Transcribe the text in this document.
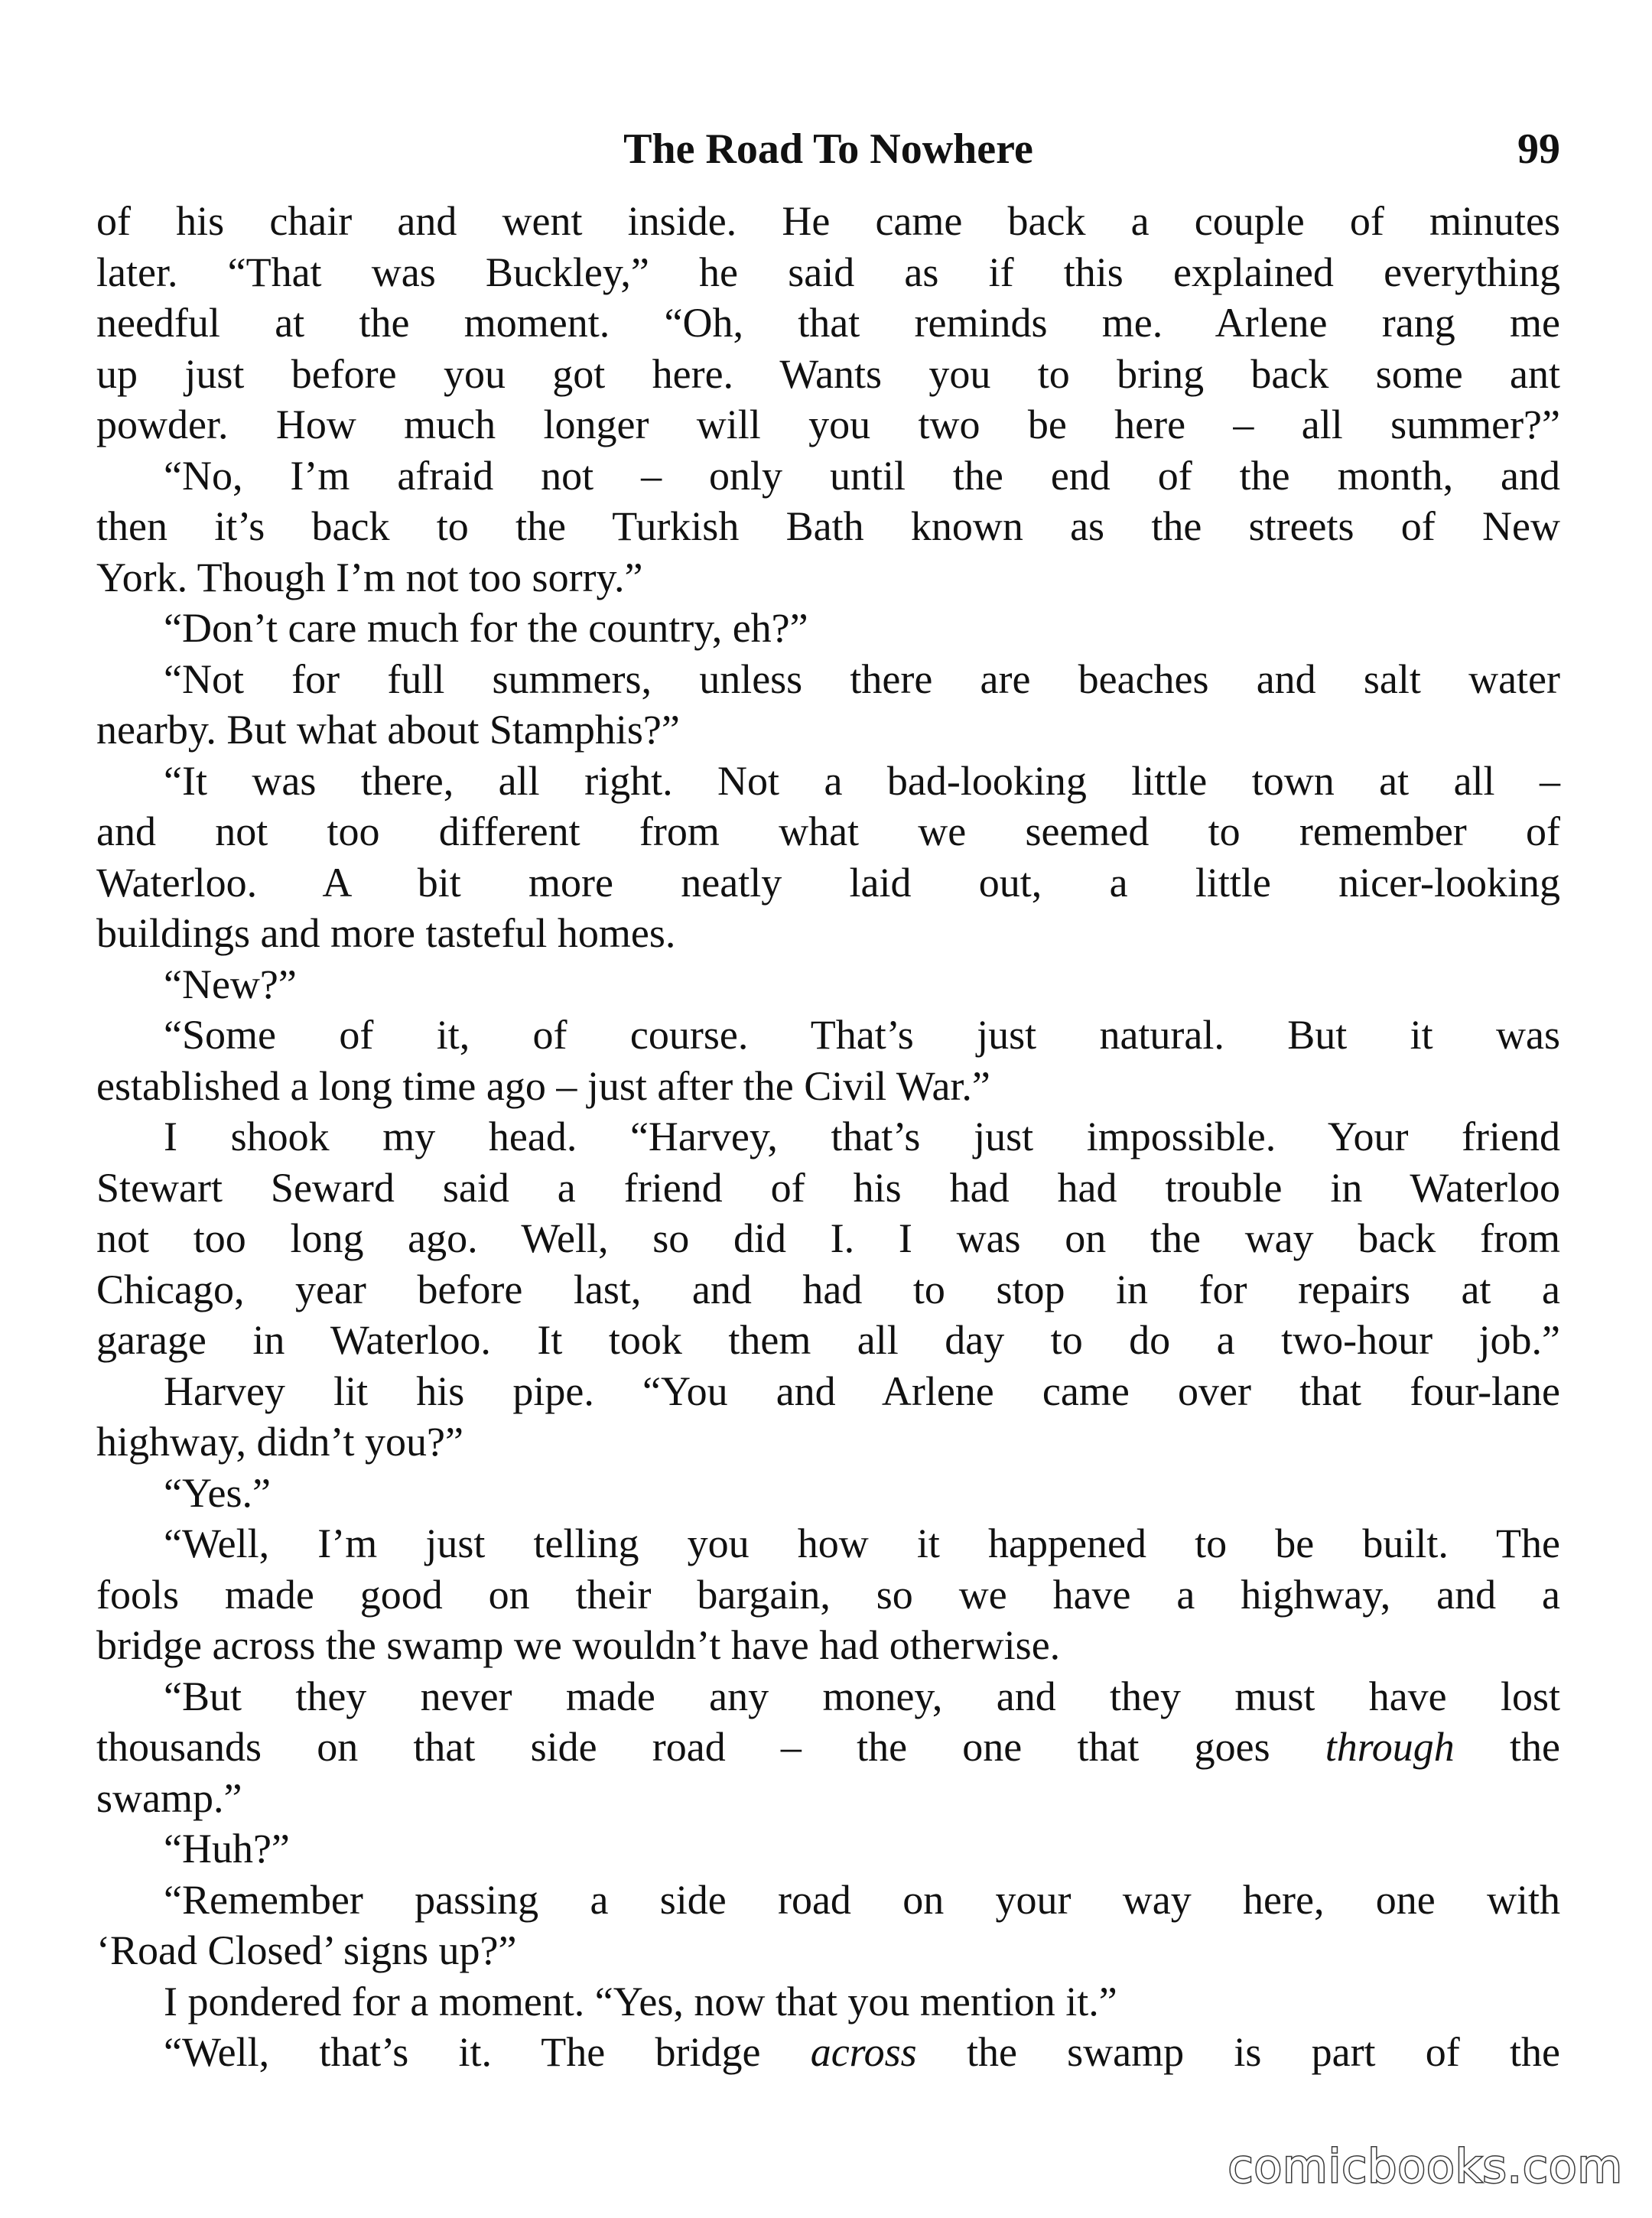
The Road To Nowhere	99
of his chair and went inside. He came back a couple of minutes
later. “That was Buckley,” he said as if this explained everything
needful at the moment. “Oh, that reminds me. Arlene rang me
up just before you got here. Wants you to bring back some ant
powder. How much longer will you two be here – all summer?”
“No, I’m afraid not – only until the end of the month, and
then it’s back to the Turkish Bath known as the streets of New
York. Though I’m not too sorry.”
“Don’t care much for the country, eh?”
“Not for full summers, unless there are beaches and salt water
nearby. But what about Stamphis?”
“It was there, all right. Not a bad-looking little town at all –
and not too different from what we seemed to remember of
Waterloo. A bit more neatly laid out, a little nicer-looking
buildings and more tasteful homes.
“New?”
“Some of it, of course. That’s just natural. But it was
established a long time ago – just after the Civil War.”
I shook my head. “Harvey, that’s just impossible. Your friend
Stewart Seward said a friend of his had had trouble in Waterloo
not too long ago. Well, so did I. I was on the way back from
Chicago, year before last, and had to stop in for repairs at a
garage in Waterloo. It took them all day to do a two-hour job.”
Harvey lit his pipe. “You and Arlene came over that four-lane
highway, didn’t you?”
“Yes.”
“Well, I’m just telling you how it happened to be built. The
fools made good on their bargain, so we have a highway, and a
bridge across the swamp we wouldn’t have had otherwise.
“But they never made any money, and they must have lost
thousands on that side road – the one that goes through the
swamp.”
“Huh?”
“Remember passing a side road on your way here, one with
‘Road Closed’ signs up?”
I pondered for a moment. “Yes, now that you mention it.”
“Well, that’s it. The bridge across the swamp is part of the
comicbooks.com
